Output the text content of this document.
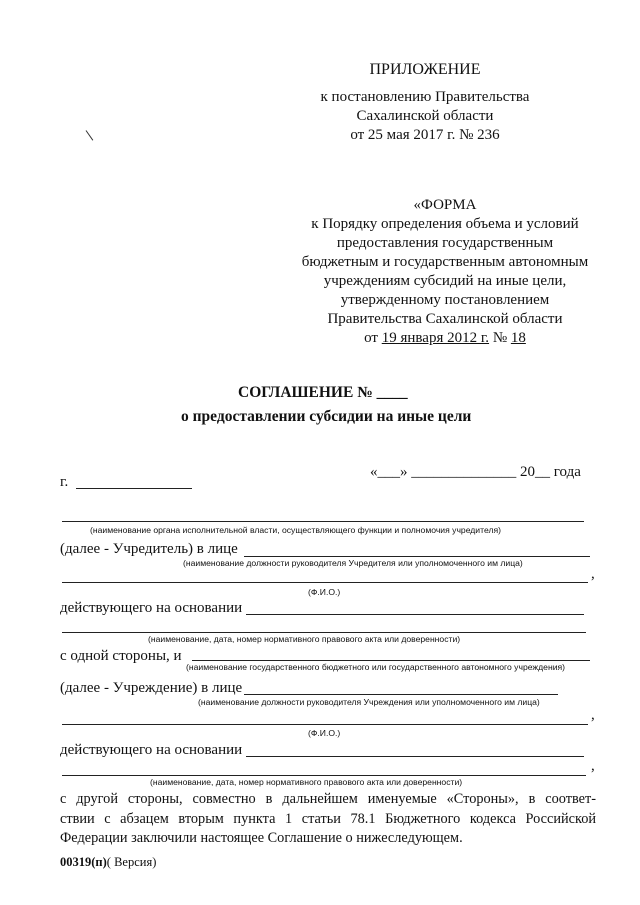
ПРИЛОЖЕНИЕ
к постановлению Правительства
Сахалинской области
от 25 мая 2017 г. № 236
«ФОРМА
к Порядку определения объема и условий
предоставления государственным
бюджетным и государственным автономным
учреждениям субсидий на иные цели,
утвержденному постановлением
Правительства Сахалинской области
от 19 января 2012 г. № 18
СОГЛАШЕНИЕ № ____
о предоставлении субсидии на иные цели
г.
«___» ______________ 20__ года
(наименование органа исполнительной власти, осуществляющего функции и полномочия учредителя)
(далее - Учредитель) в лице
(наименование должности руководителя Учредителя или уполномоченного им лица)
,
(Ф.И.О.)
действующего на основании
(наименование, дата, номер нормативного правового акта или доверенности)
с одной стороны, и
(наименование государственного бюджетного или государственного автономного учреждения)
(далее - Учреждение) в лице
(наименование должности руководителя Учреждения или уполномоченного им лица)
,
(Ф.И.О.)
действующего на основании
,
(наименование, дата, номер нормативного правового акта или доверенности)
с другой стороны, совместно в дальнейшем именуемые «Стороны», в соответ-
ствии с абзацем вторым пункта 1 статьи 78.1 Бюджетного кодекса Российской
Федерации заключили настоящее Соглашение о нижеследующем.
00319(п)( Версия)
